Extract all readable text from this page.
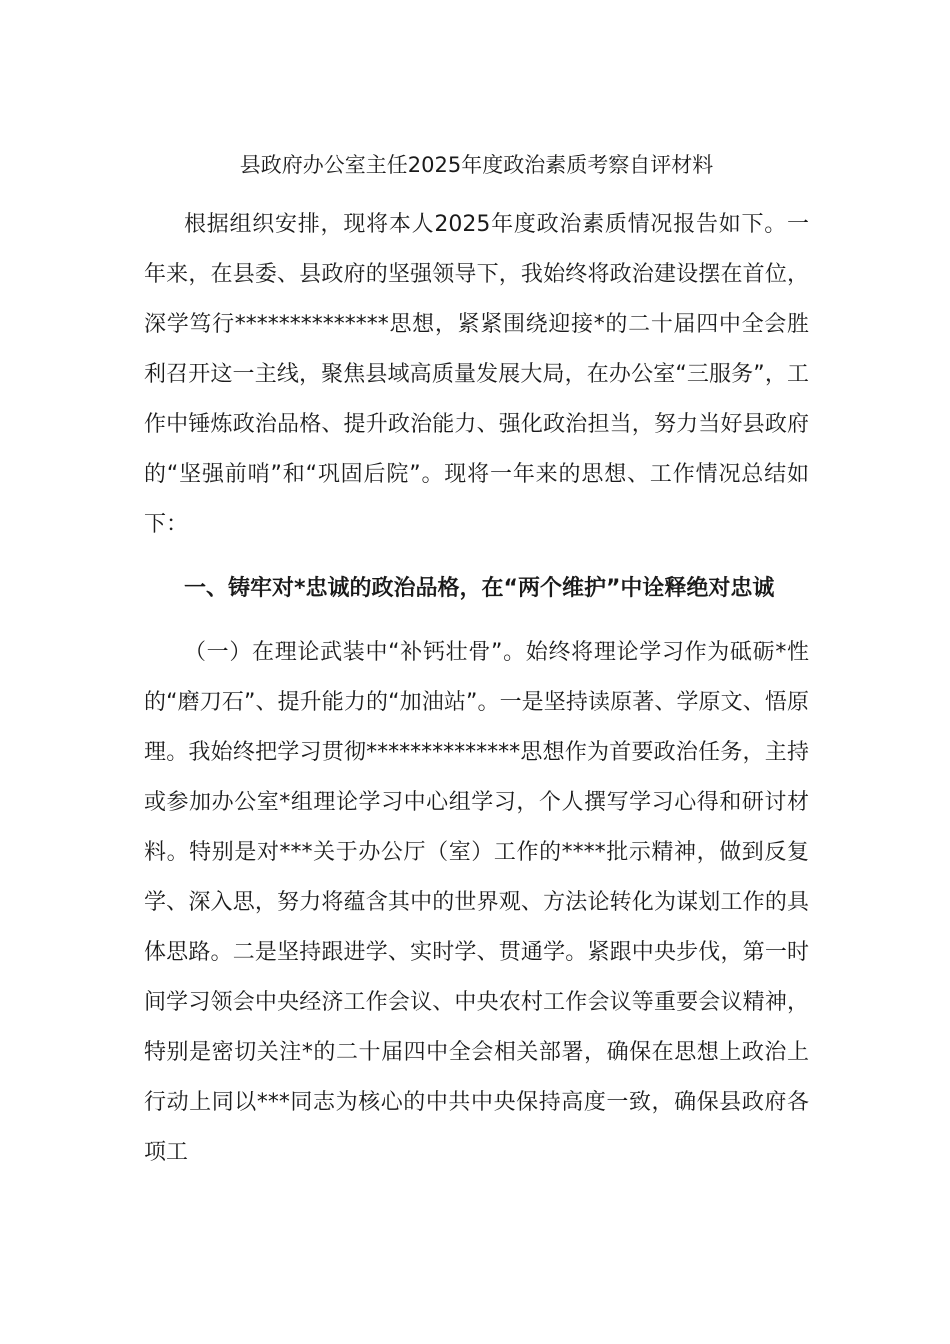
县政府办公室主任2025年度政治素质考察自评材料

根据组织安排，现将本人2025年度政治素质情况报告如下。一年来，在县委、县政府的坚强领导下，我始终将政治建设摆在首位，深学笃行**************思想，紧紧围绕迎接*的二十届四中全会胜利召开这一主线，聚焦县域高质量发展大局，在办公室“三服务”，工作中锤炼政治品格、提升政治能力、强化政治担当，努力当好县政府的“坚强前哨”和“巩固后院”。现将一年来的思想、工作情况总结如下：

一、铸牢对*忠诚的政治品格，在“两个维护”中诠释绝对忠诚

（一）在理论武装中“补钙壮骨”。始终将理论学习作为砥砺*性的“磨刀石”、提升能力的“加油站”。一是坚持读原著、学原文、悟原理。我始终把学习贯彻**************思想作为首要政治任务，主持或参加办公室*组理论学习中心组学习，个人撰写学习心得和研讨材料。特别是对***关于办公厅（室）工作的****批示精神，做到反复学、深入思，努力将蕴含其中的世界观、方法论转化为谋划工作的具体思路。二是坚持跟进学、实时学、贯通学。紧跟中央步伐，第一时间学习领会中央经济工作会议、中央农村工作会议等重要会议精神，特别是密切关注*的二十届四中全会相关部署，确保在思想上政治上行动上同以***同志为核心的中共中央保持高度一致，确保县政府各项工
